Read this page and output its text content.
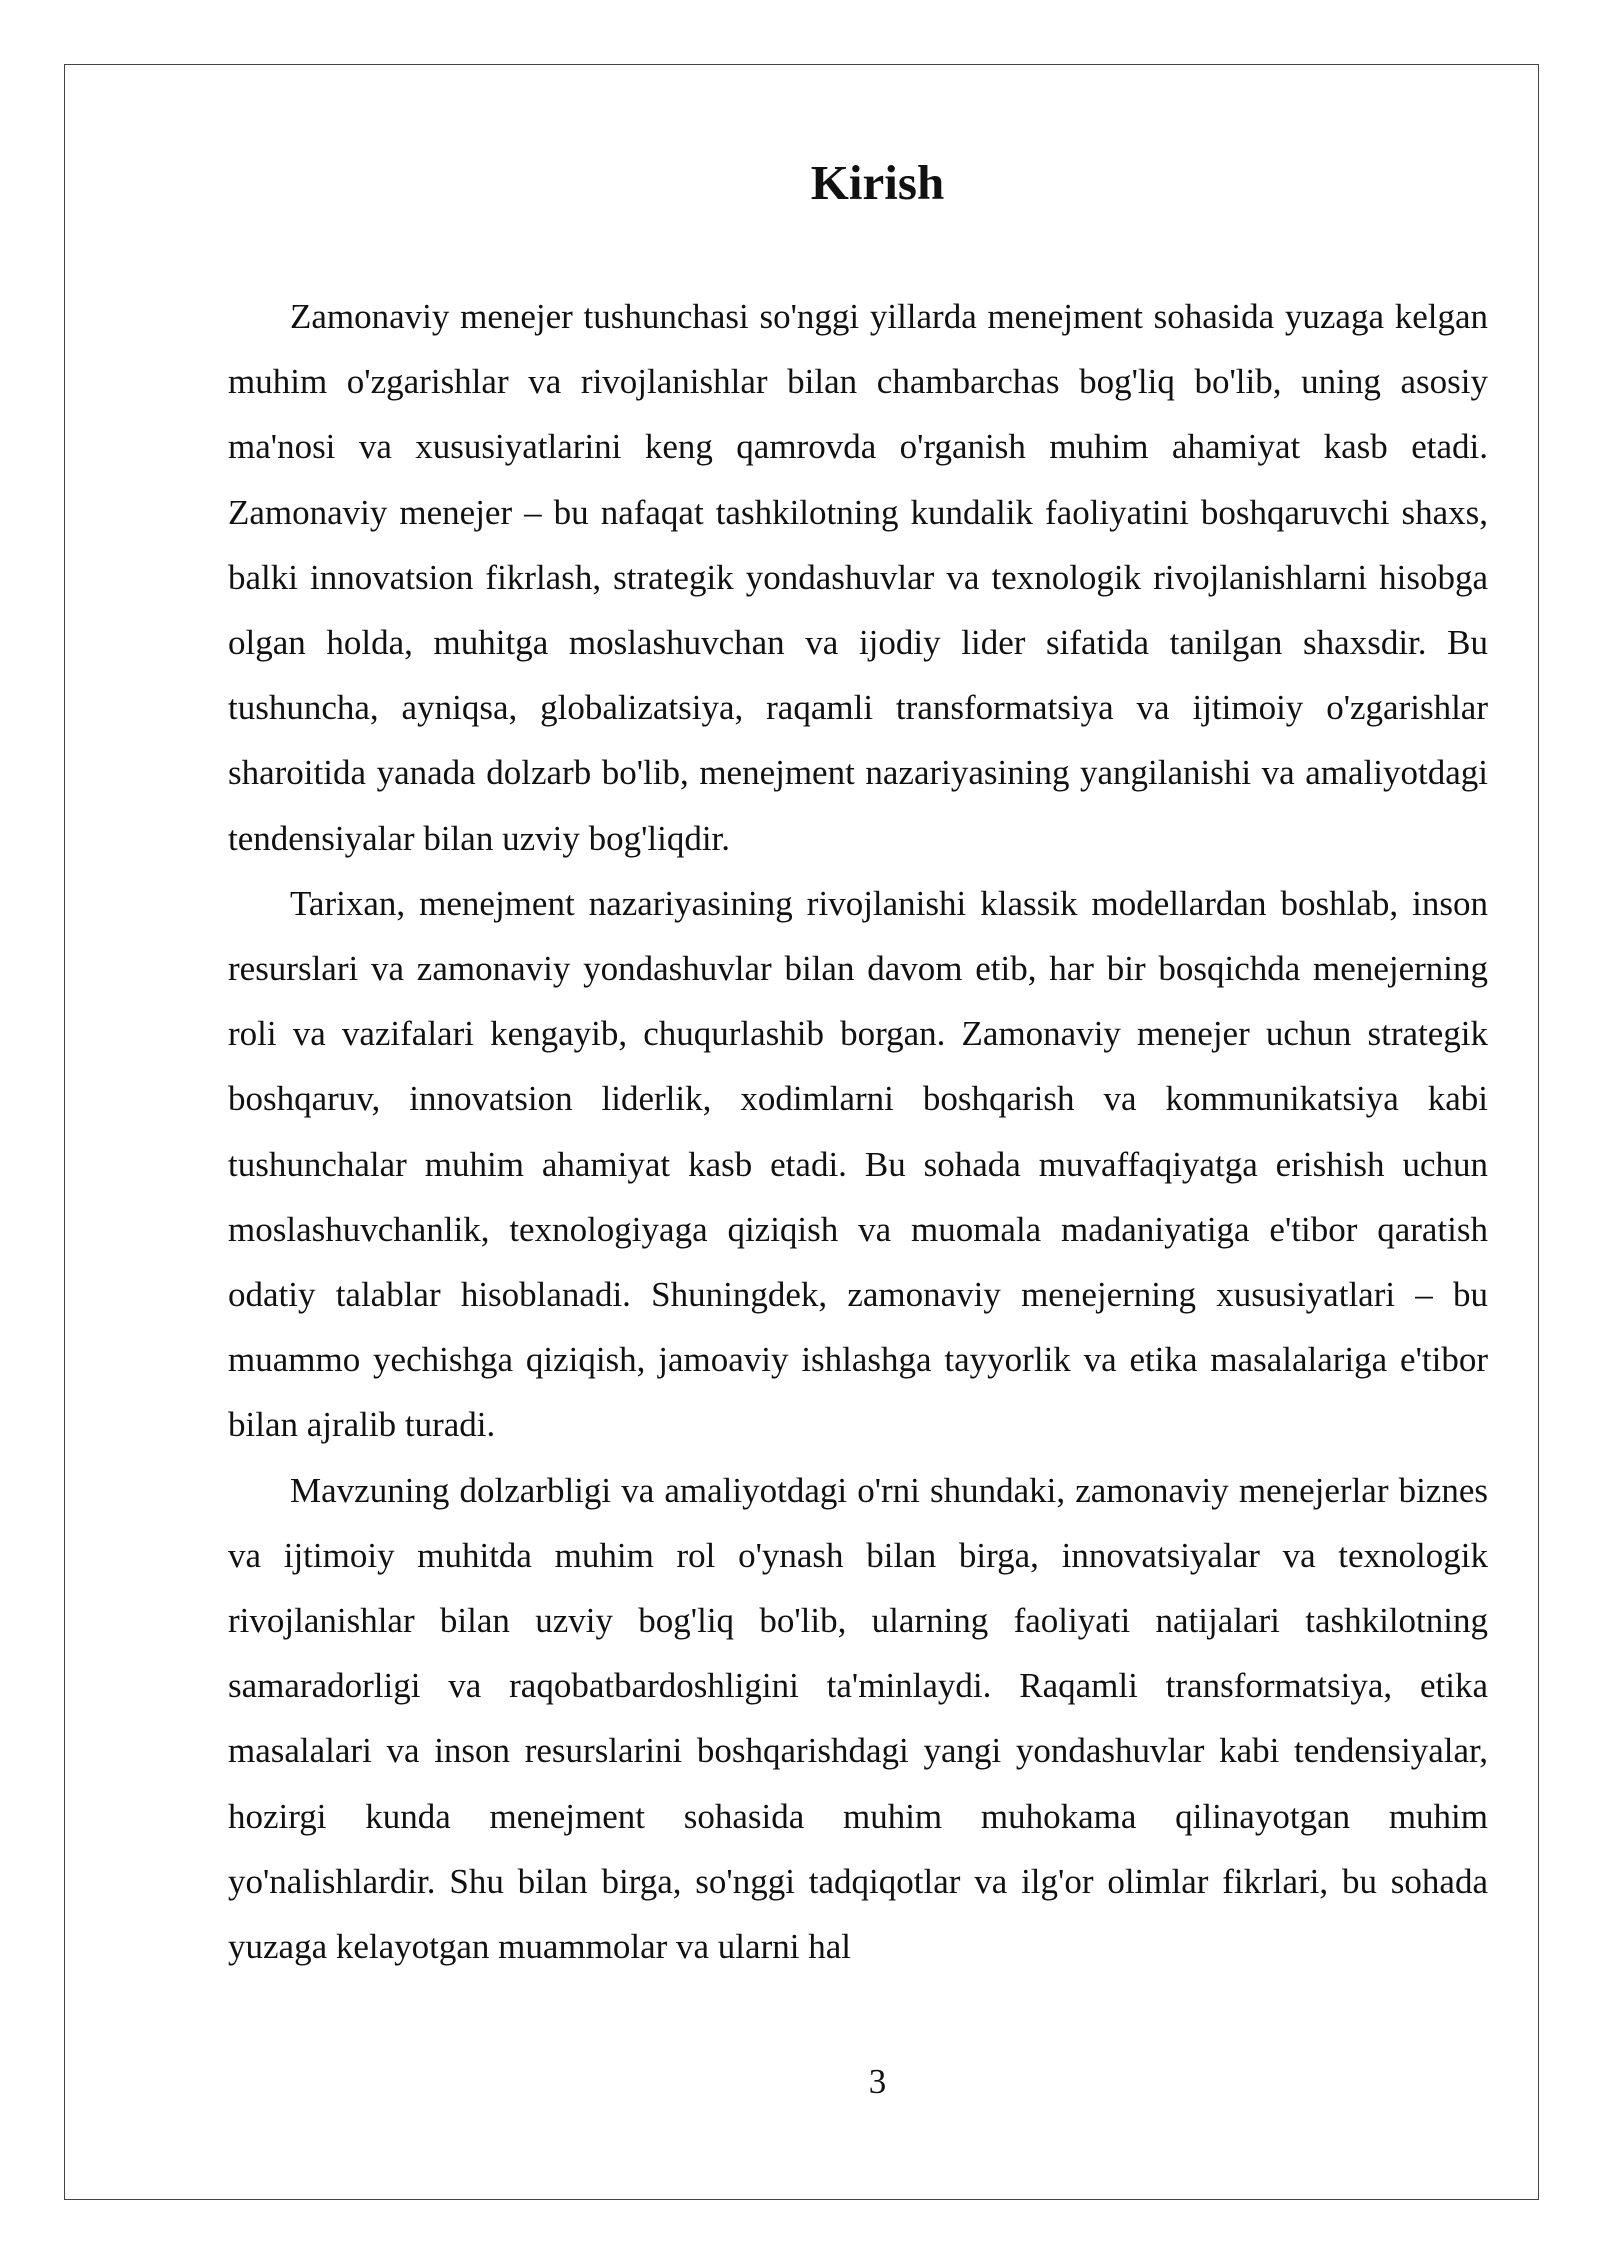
Kirish

Zamonaviy menejer tushunchasi so'nggi yillarda menejment sohasida yuzaga kelgan muhim o'zgarishlar va rivojlanishlar bilan chambarchas bog'liq bo'lib, uning asosiy ma'nosi va xususiyatlarini keng qamrovda o'rganish muhim ahamiyat kasb etadi. Zamonaviy menejer – bu nafaqat tashkilotning kundalik faoliyatini boshqaruvchi shaxs, balki innovatsion fikrlash, strategik yondashuvlar va texnologik rivojlanishlarni hisobga olgan holda, muhitga moslashuvchan va ijodiy lider sifatida tanilgan shaxsdir. Bu tushuncha, ayniqsa, globalizatsiya, raqamli transformatsiya va ijtimoiy o'zgarishlar sharoitida yanada dolzarb bo'lib, menejment nazariyasining yangilanishi va amaliyotdagi tendensiyalar bilan uzviy bog'liqdir.

Tarixan, menejment nazariyasining rivojlanishi klassik modellardan boshlab, inson resurslari va zamonaviy yondashuvlar bilan davom etib, har bir bosqichda menejerning roli va vazifalari kengayib, chuqurlashib borgan. Zamonaviy menejer uchun strategik boshqaruv, innovatsion liderlik, xodimlarni boshqarish va kommunikatsiya kabi tushunchalar muhim ahamiyat kasb etadi. Bu sohada muvaffaqiyatga erishish uchun moslashuvchanlik, texnologiyaga qiziqish va muomala madaniyatiga e'tibor qaratish odatiy talablar hisoblanadi. Shuningdek, zamonaviy menejerning xususiyatlari – bu muammo yechishga qiziqish, jamoaviy ishlashga tayyorlik va etika masalalariga e'tibor bilan ajralib turadi.

Mavzuning dolzarbligi va amaliyotdagi o'rni shundaki, zamonaviy menejerlar biznes va ijtimoiy muhitda muhim rol o'ynash bilan birga, innovatsiyalar va texnologik rivojlanishlar bilan uzviy bog'liq bo'lib, ularning faoliyati natijalari tashkilotning samaradorligi va raqobatbardoshligini ta'minlaydi. Raqamli transformatsiya, etika masalalari va inson resurslarini boshqarishdagi yangi yondashuvlar kabi tendensiyalar, hozirgi kunda menejment sohasida muhim muhokama qilinayotgan muhim yo'nalishlardir. Shu bilan birga, so'nggi tadqiqotlar va ilg'or olimlar fikrlari, bu sohada yuzaga kelayotgan muammolar va ularni hal

3
